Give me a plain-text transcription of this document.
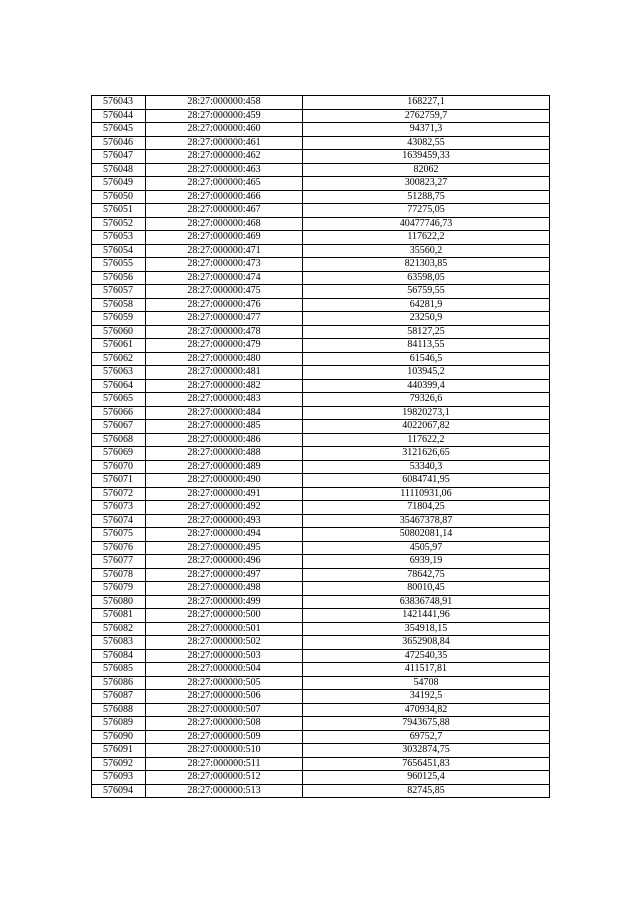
576043	28:27:000000:458	168227,1
576044	28:27:000000:459	2762759,7
576045	28:27:000000:460	94371,3
576046	28:27:000000:461	43082,55
576047	28:27:000000:462	1639459,33
576048	28:27:000000:463	82062
576049	28:27:000000:465	300823,27
576050	28:27:000000:466	51288,75
576051	28:27:000000:467	77275,05
576052	28:27:000000:468	40477746,73
576053	28:27:000000:469	117622,2
576054	28:27:000000:471	35560,2
576055	28:27:000000:473	821303,85
576056	28:27:000000:474	63598,05
576057	28:27:000000:475	56759,55
576058	28:27:000000:476	64281,9
576059	28:27:000000:477	23250,9
576060	28:27:000000:478	58127,25
576061	28:27:000000:479	84113,55
576062	28:27:000000:480	61546,5
576063	28:27:000000:481	103945,2
576064	28:27:000000:482	440399,4
576065	28:27:000000:483	79326,6
576066	28:27:000000:484	19820273,1
576067	28:27:000000:485	4022067,82
576068	28:27:000000:486	117622,2
576069	28:27:000000:488	3121626,65
576070	28:27:000000:489	53340,3
576071	28:27:000000:490	6084741,95
576072	28:27:000000:491	11110931,06
576073	28:27:000000:492	71804,25
576074	28:27:000000:493	35467378,87
576075	28:27:000000:494	50802081,14
576076	28:27:000000:495	4505,97
576077	28:27:000000:496	6939,19
576078	28:27:000000:497	78642,75
576079	28:27:000000:498	80010,45
576080	28:27:000000:499	63836748,91
576081	28:27:000000:500	1421441,96
576082	28:27:000000:501	354918,15
576083	28:27:000000:502	3652908,84
576084	28:27:000000:503	472540,35
576085	28:27:000000:504	411517,81
576086	28:27:000000:505	54708
576087	28:27:000000:506	34192,5
576088	28:27:000000:507	470934,82
576089	28:27:000000:508	7943675,88
576090	28:27:000000:509	69752,7
576091	28:27:000000:510	3032874,75
576092	28:27:000000:511	7656451,83
576093	28:27:000000:512	960125,4
576094	28:27:000000:513	82745,85
